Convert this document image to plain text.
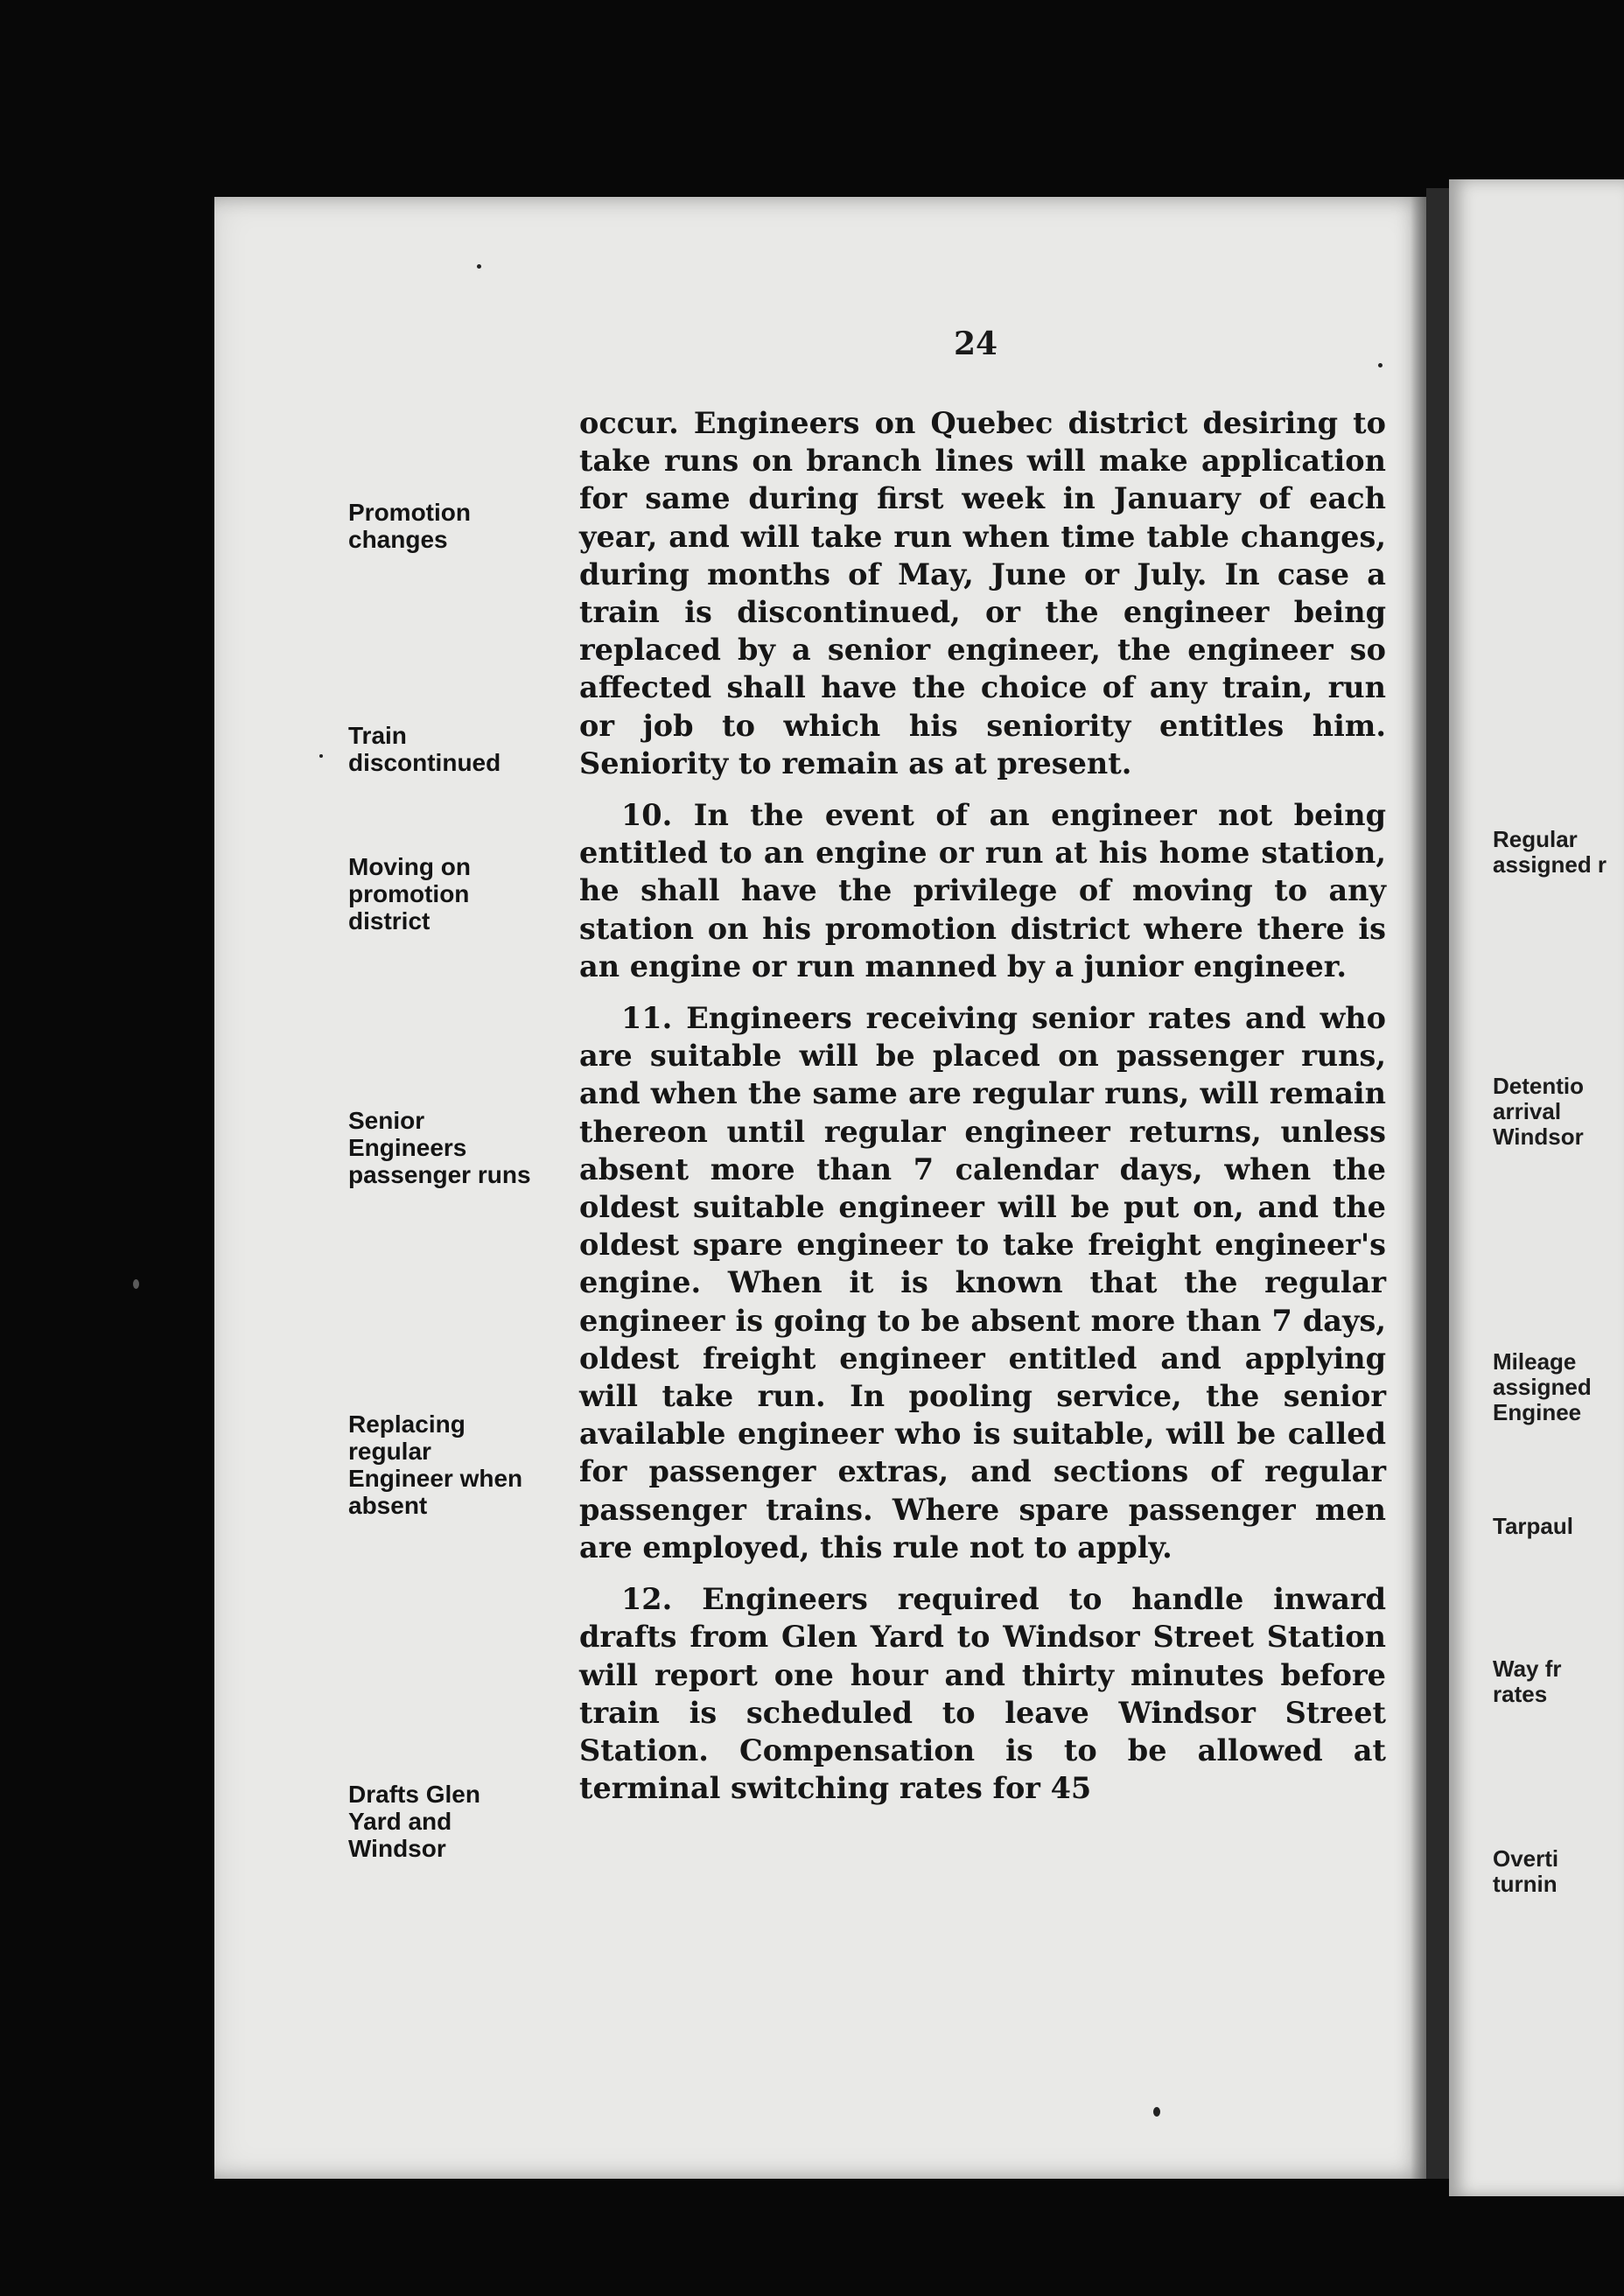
24

occur. Engineers on Quebec district desiring to take runs on branch lines will make application for same during first week in January of each year, and will take run when time table changes, during months of May, June or July. In case a train is discontinued, or the engineer being replaced by a senior engineer, the engineer so affected shall have the choice of any train, run or job to which his seniority entitles him. Seniority to remain as at present.

10. In the event of an engineer not being entitled to an engine or run at his home station, he shall have the privilege of moving to any station on his promotion district where there is an engine or run manned by a junior engineer.

11. Engineers receiving senior rates and who are suitable will be placed on passenger runs, and when the same are regular runs, will remain thereon until regular engineer returns, unless absent more than 7 calendar days, when the oldest suitable engineer will be put on, and the oldest spare engineer to take freight engineer's engine. When it is known that the regular engineer is going to be absent more than 7 days, oldest freight engineer entitled and applying will take run. In pooling service, the senior available engineer who is suitable, will be called for passenger extras, and sections of regular passenger trains. Where spare passenger men are employed, this rule not to apply.

12. Engineers required to handle inward drafts from Glen Yard to Windsor Street Station will report one hour and thirty minutes before train is scheduled to leave Windsor Street Station. Compensation is to be allowed at terminal switching rates for 45

Promotion
changes
Train
discontinued
Moving on
promotion
district
Senior
Engineers
passenger runs
Replacing
regular
Engineer when
absent
Drafts Glen
Yard and
Windsor
Regular
assigned r
Detentio
arrival
Windsor
Mileage
assigned
Enginee
Tarpaul
Way fr
rates
Overti
turnin
